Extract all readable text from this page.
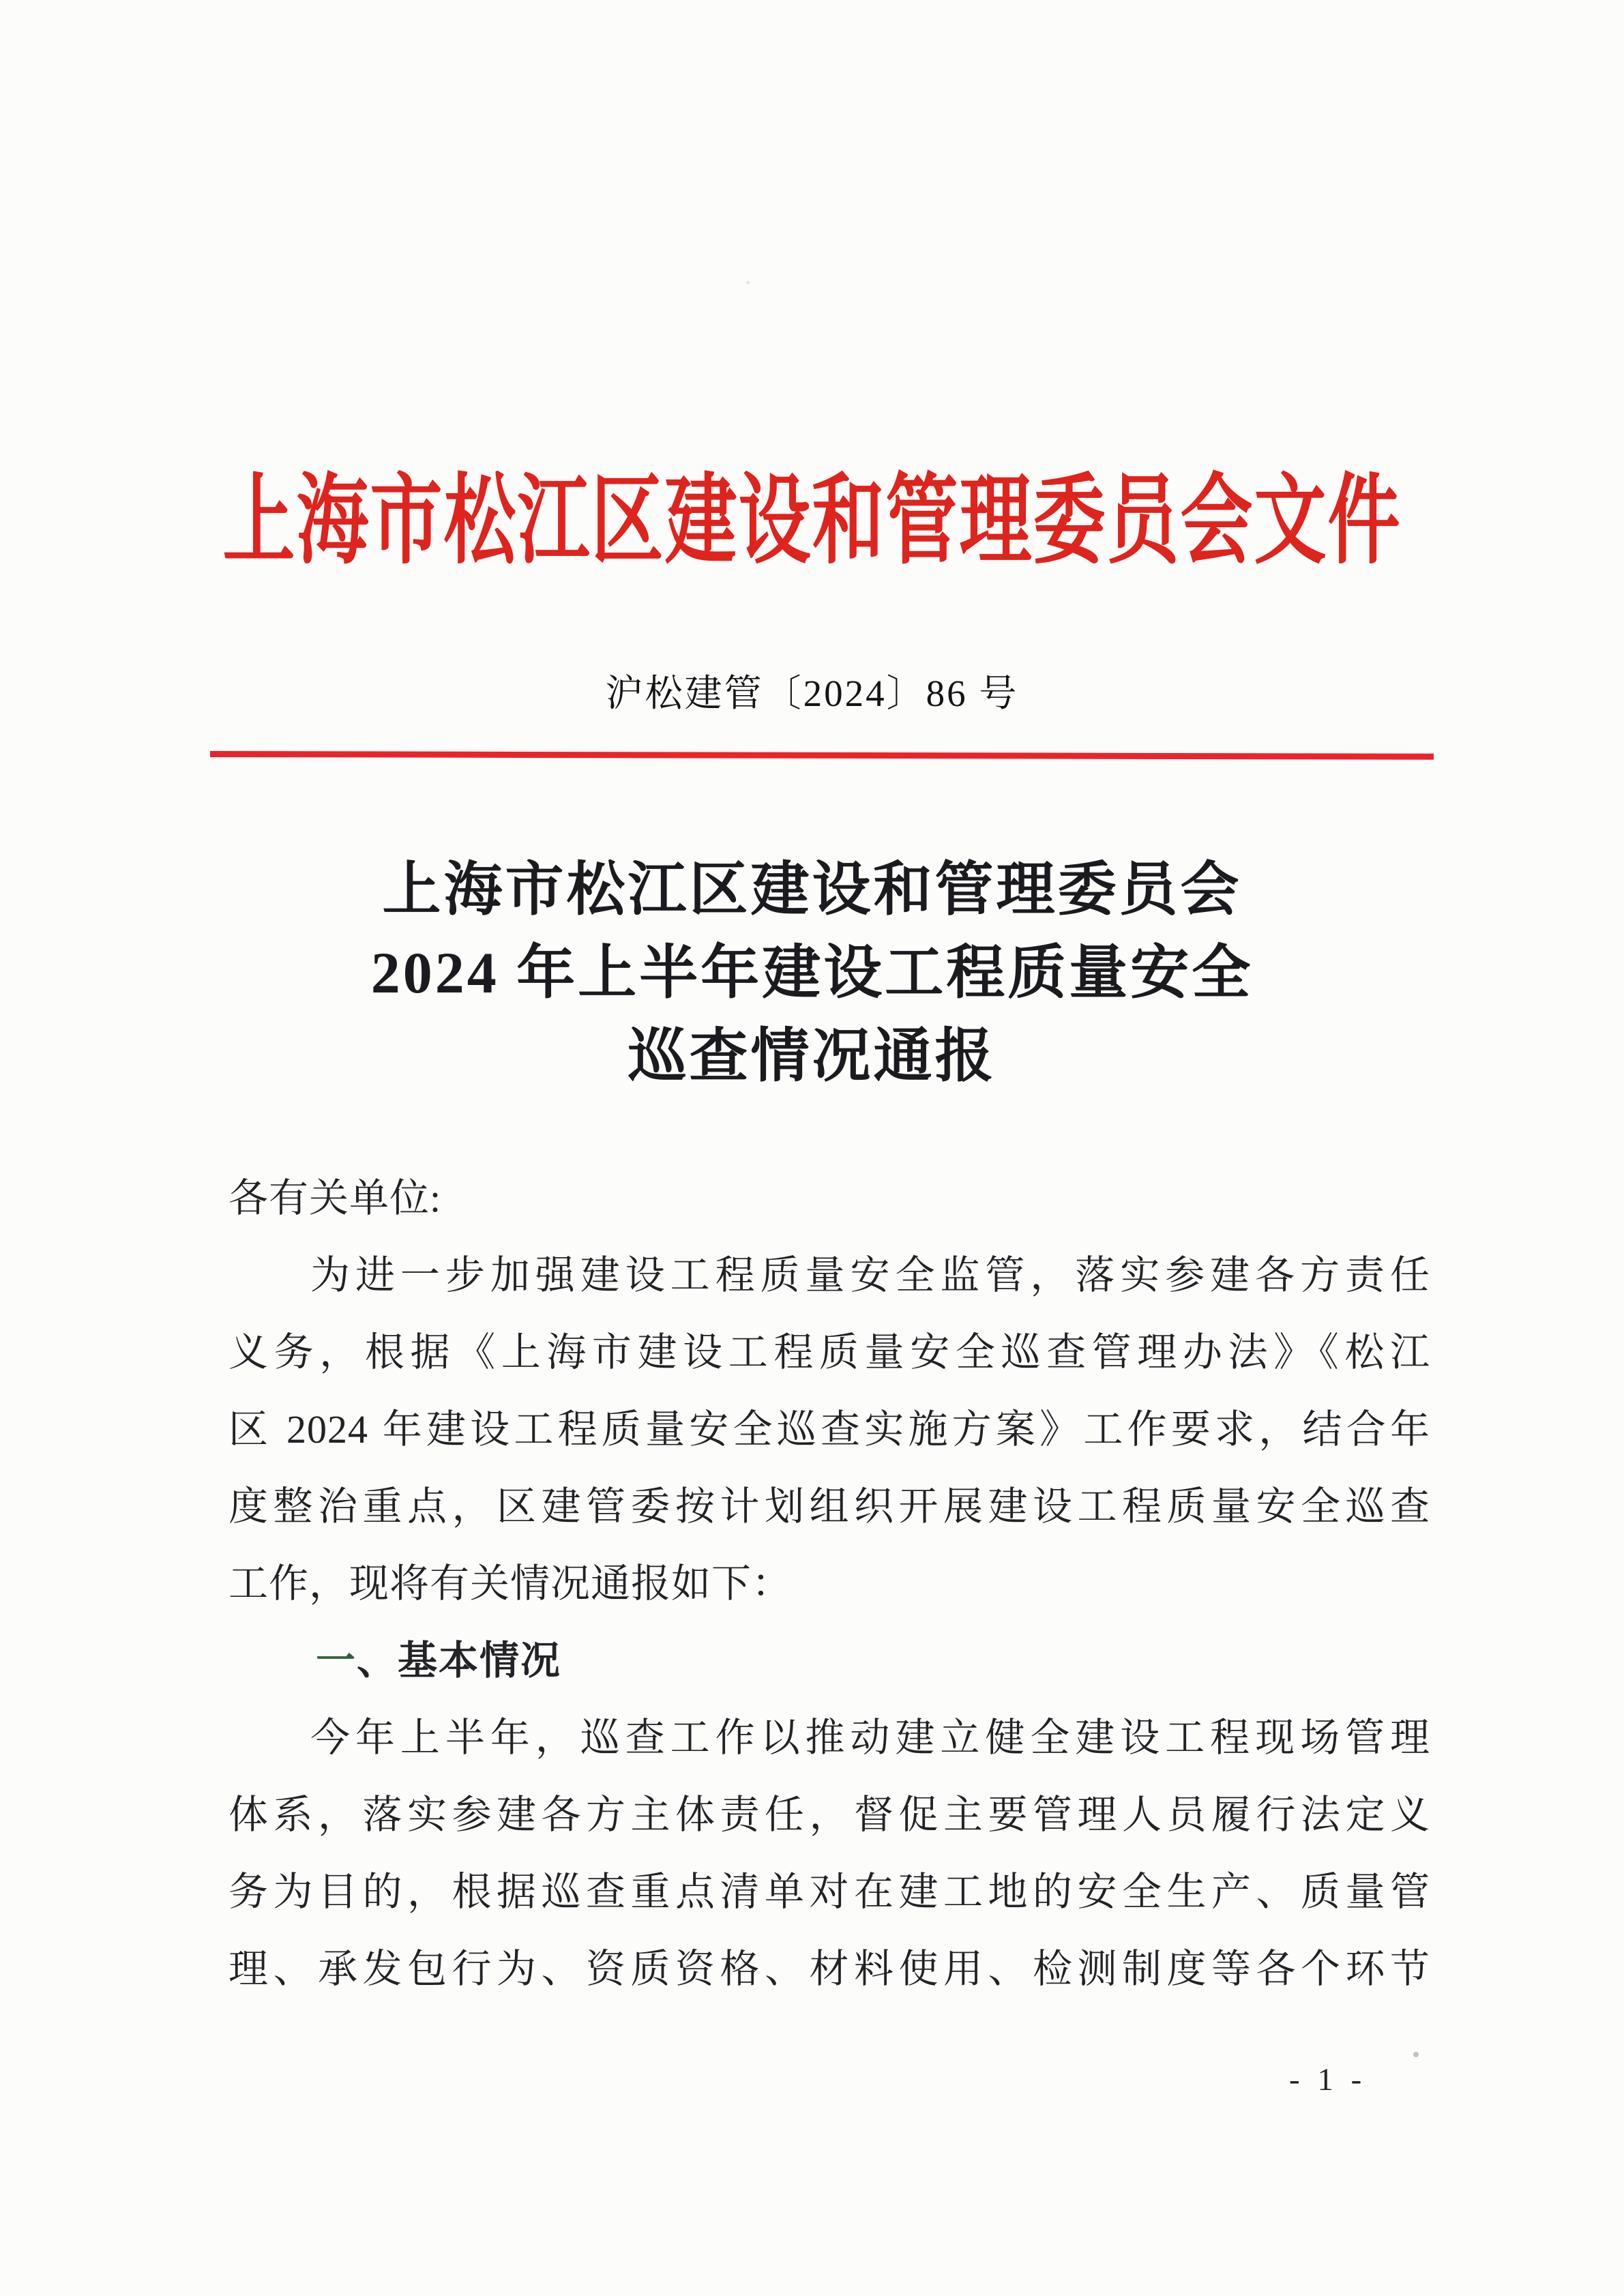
上海市松江区建设和管理委员会文件
沪松建管〔2024〕86 号
上海市松江区建设和管理委员会
2024 年上半年建设工程质量安全
巡查情况通报
各有关单位:
为进一步加强建设工程质量安全监管，落实参建各方责任
义务，根据《上海市建设工程质量安全巡查管理办法》《松江
区 2024 年建设工程质量安全巡查实施方案》工作要求，结合年
度整治重点，区建管委按计划组织开展建设工程质量安全巡查
工作，现将有关情况通报如下：
一、基本情况
今年上半年，巡查工作以推动建立健全建设工程现场管理
体系，落实参建各方主体责任，督促主要管理人员履行法定义
务为目的，根据巡查重点清单对在建工地的安全生产、质量管
理、承发包行为、资质资格、材料使用、检测制度等各个环节
- 1 -
